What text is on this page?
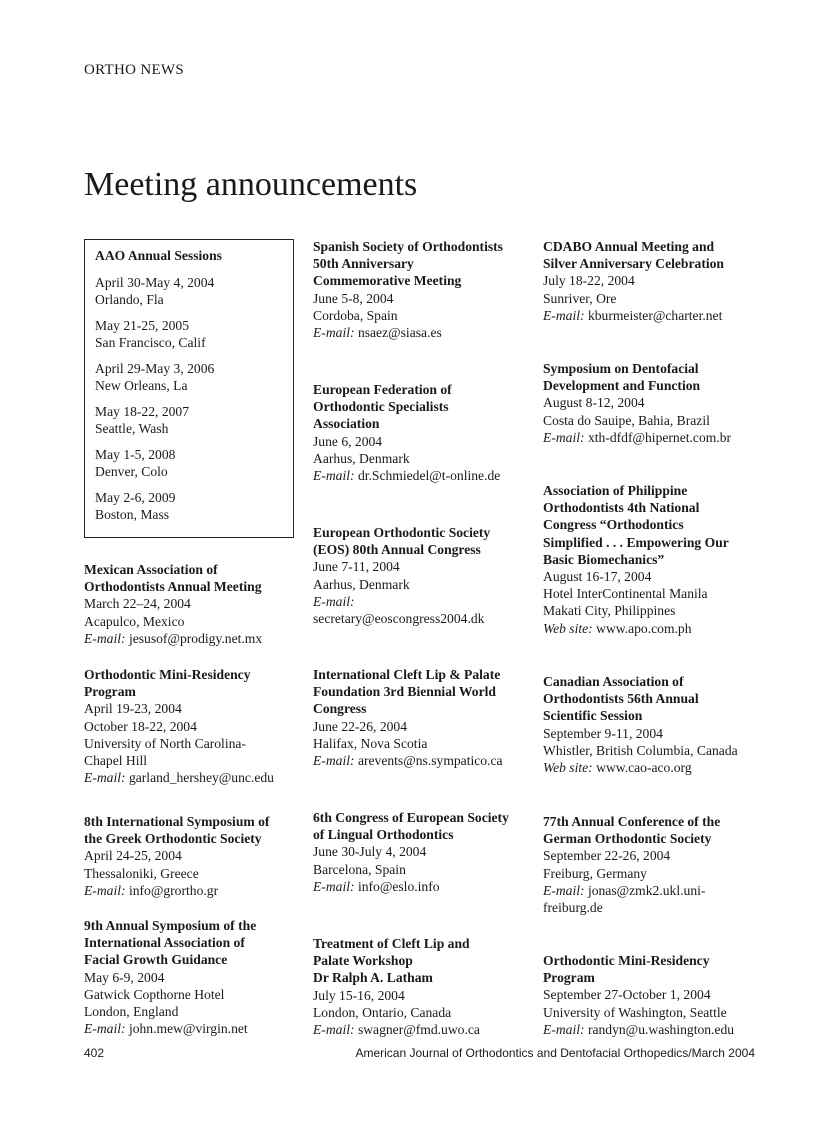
ORTHO NEWS
Meeting announcements
AAO Annual Sessions
April 30-May 4, 2004
Orlando, Fla
May 21-25, 2005
San Francisco, Calif
April 29-May 3, 2006
New Orleans, La
May 18-22, 2007
Seattle, Wash
May 1-5, 2008
Denver, Colo
May 2-6, 2009
Boston, Mass
Mexican Association of
Orthodontists Annual Meeting
March 22–24, 2004
Acapulco, Mexico
E-mail: jesusof@prodigy.net.mx
Orthodontic Mini-Residency
Program
April 19-23, 2004
October 18-22, 2004
University of North Carolina-
Chapel Hill
E-mail: garland_hershey@unc.edu
8th International Symposium of
the Greek Orthodontic Society
April 24-25, 2004
Thessaloniki, Greece
E-mail: info@grortho.gr
9th Annual Symposium of the
International Association of
Facial Growth Guidance
May 6-9, 2004
Gatwick Copthorne Hotel
London, England
E-mail: john.mew@virgin.net
Spanish Society of Orthodontists
50th Anniversary
Commemorative Meeting
June 5-8, 2004
Cordoba, Spain
E-mail: nsaez@siasa.es
European Federation of
Orthodontic Specialists
Association
June 6, 2004
Aarhus, Denmark
E-mail: dr.Schmiedel@t-online.de
European Orthodontic Society
(EOS) 80th Annual Congress
June 7-11, 2004
Aarhus, Denmark
E-mail:
secretary@eoscongress2004.dk
International Cleft Lip & Palate
Foundation 3rd Biennial World
Congress
June 22-26, 2004
Halifax, Nova Scotia
E-mail: arevents@ns.sympatico.ca
6th Congress of European Society
of Lingual Orthodontics
June 30-July 4, 2004
Barcelona, Spain
E-mail: info@eslo.info
Treatment of Cleft Lip and
Palate Workshop
Dr Ralph A. Latham
July 15-16, 2004
London, Ontario, Canada
E-mail: swagner@fmd.uwo.ca
CDABO Annual Meeting and
Silver Anniversary Celebration
July 18-22, 2004
Sunriver, Ore
E-mail: kburmeister@charter.net
Symposium on Dentofacial
Development and Function
August 8-12, 2004
Costa do Sauipe, Bahia, Brazil
E-mail: xth-dfdf@hipernet.com.br
Association of Philippine
Orthodontists 4th National
Congress “Orthodontics
Simplified . . . Empowering Our
Basic Biomechanics”
August 16-17, 2004
Hotel InterContinental Manila
Makati City, Philippines
Web site: www.apo.com.ph
Canadian Association of
Orthodontists 56th Annual
Scientific Session
September 9-11, 2004
Whistler, British Columbia, Canada
Web site: www.cao-aco.org
77th Annual Conference of the
German Orthodontic Society
September 22-26, 2004
Freiburg, Germany
E-mail: jonas@zmk2.ukl.uni-
freiburg.de
Orthodontic Mini-Residency
Program
September 27-October 1, 2004
University of Washington, Seattle
E-mail: randyn@u.washington.edu
402	American Journal of Orthodontics and Dentofacial Orthopedics/March 2004
